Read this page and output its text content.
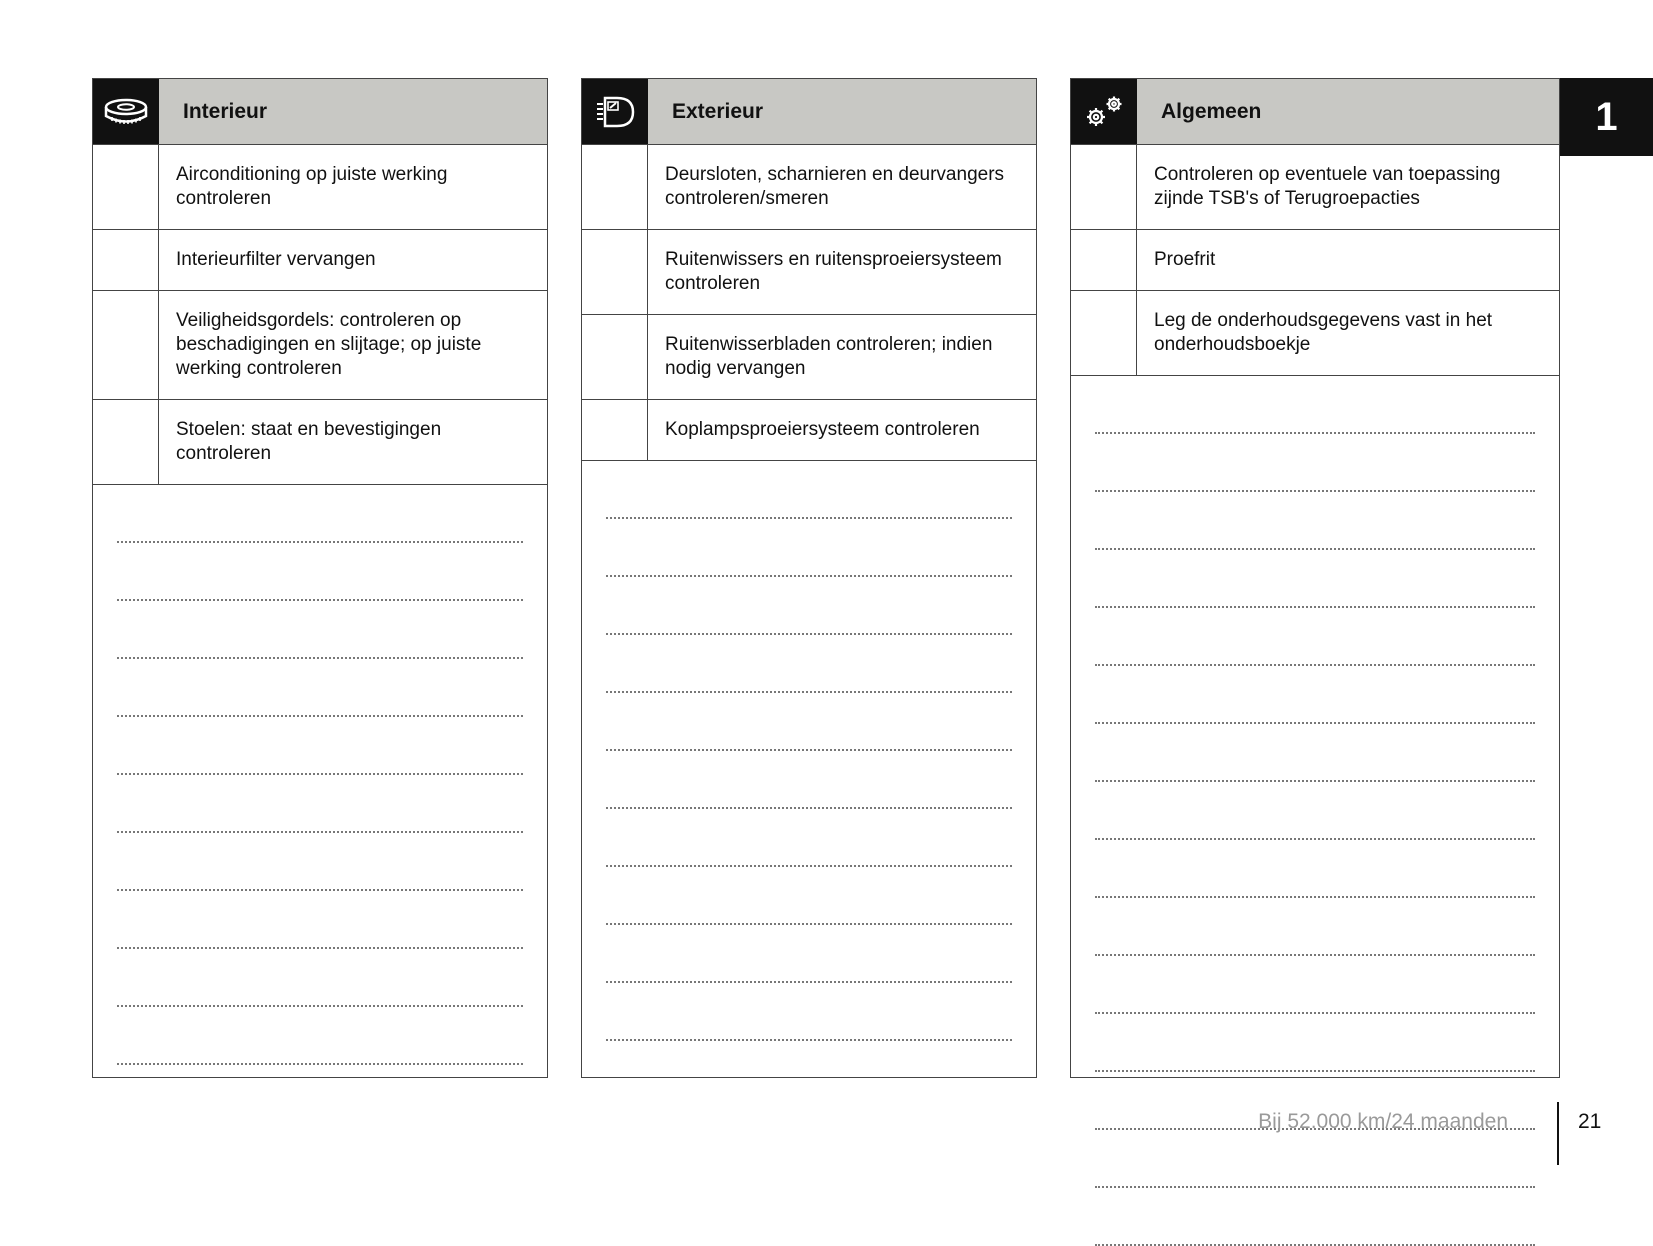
Interieur
Airconditioning op juiste werking controleren
Interieurfilter vervangen
Veiligheidsgordels: controleren op beschadigingen en slijtage; op juiste werking controleren
Stoelen: staat en bevestigingen controleren
Exterieur
Deursloten, scharnieren en deurvangers controleren/smeren
Ruitenwissers en ruitensproeiersysteem controleren
Ruitenwisserbladen controleren; indien nodig vervangen
Koplampsproeiersysteem controleren
Algemeen
Controleren op eventuele van toepassing zijnde TSB's of Terugroepacties
Proefrit
Leg de onderhoudsgegevens vast in het onderhoudsboekje
1
Bij 52.000 km/24 maanden	21
